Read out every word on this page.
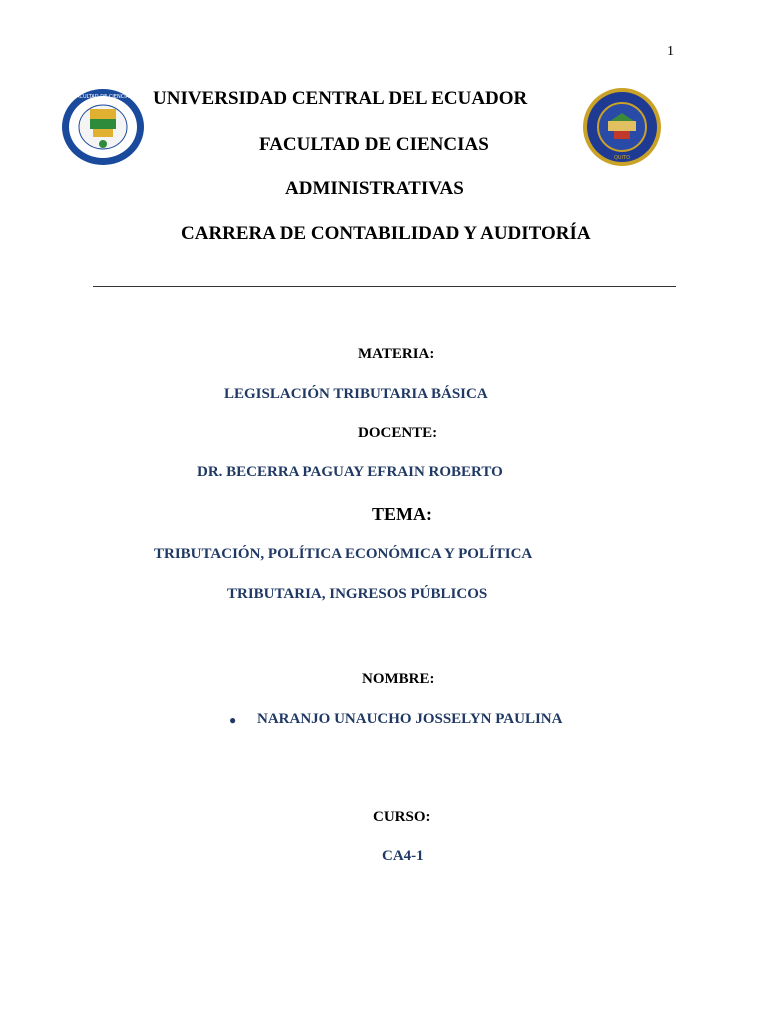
1
FACULTAD DE CIENCIAS
QUITO
UNIVERSIDAD CENTRAL DEL ECUADOR
FACULTAD DE CIENCIAS
ADMINISTRATIVAS
CARRERA DE CONTABILIDAD Y AUDITORÍA
MATERIA:
LEGISLACIÓN TRIBUTARIA BÁSICA
DOCENTE:
DR. BECERRA PAGUAY EFRAIN ROBERTO
TEMA:
TRIBUTACIÓN, POLÍTICA ECONÓMICA Y POLÍTICA
TRIBUTARIA, INGRESOS PÚBLICOS
NOMBRE:
● NARANJO UNAUCHO JOSSELYN PAULINA
CURSO:
CA4-1
